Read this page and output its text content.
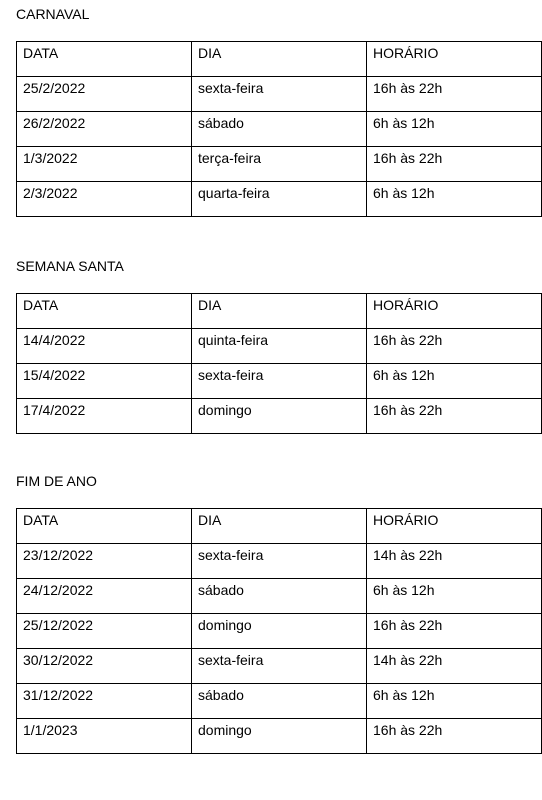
CARNAVAL
DATA	DIA	HORÁRIO

25/2/2022	sexta-feira	16h às 22h

26/2/2022	sábado	6h às 12h

1/3/2022	terça-feira	16h às 22h

2/3/2022	quarta-feira	6h às 12h
SEMANA SANTA
DATA	DIA	HORÁRIO

14/4/2022	quinta-feira	16h às 22h

15/4/2022	sexta-feira	6h às 12h

17/4/2022	domingo	16h às 22h
FIM DE ANO
DATA	DIA	HORÁRIO

23/12/2022	sexta-feira	14h às 22h

24/12/2022	sábado	6h às 12h

25/12/2022	domingo	16h às 22h

30/12/2022	sexta-feira	14h às 22h

31/12/2022	sábado	6h às 12h

1/1/2023	domingo	16h às 22h
